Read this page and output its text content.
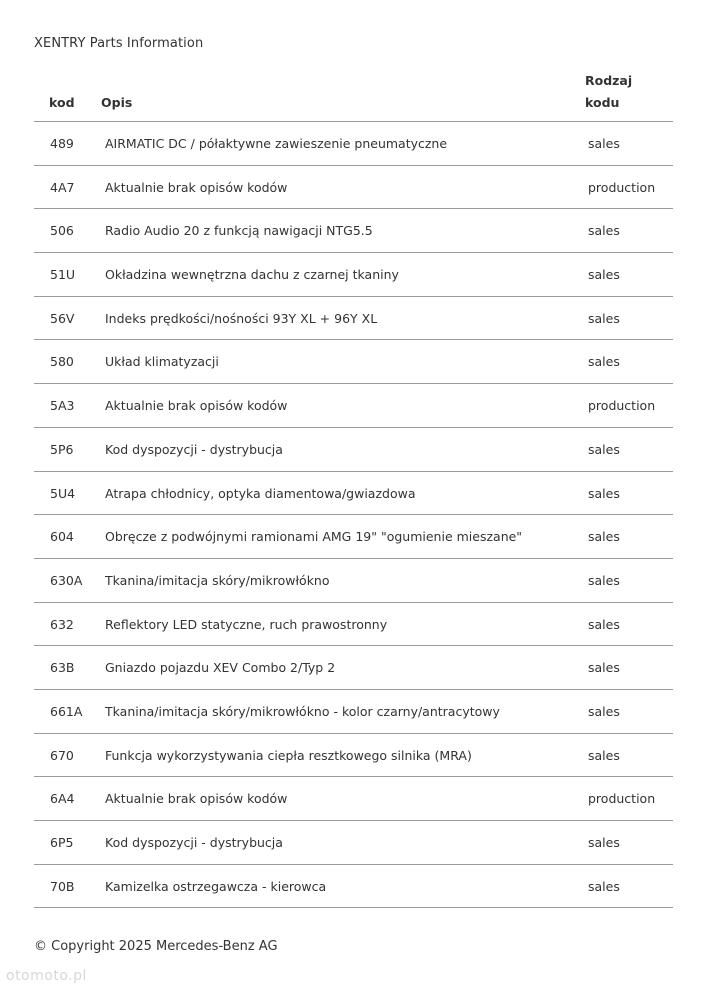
XENTRY Parts Information
kod Opis
Rodzaj
kodu
489 AIRMATIC DC / półaktywne zawieszenie pneumatyczne	sales
4A7 Aktualnie brak opisów kodów	production
506 Radio Audio 20 z funkcją nawigacji NTG5.5	sales
51U Okładzina wewnętrzna dachu z czarnej tkaniny	sales
56V Indeks prędkości/nośności 93Y XL + 96Y XL	sales
580 Układ klimatyzacji	sales
5A3 Aktualnie brak opisów kodów	production
5P6	Kod dyspozycji - dystrybucja	sales
5U4 Atrapa chłodnicy, optyka diamentowa/gwiazdowa	sales
604 Obręcze z podwójnymi ramionami AMG 19" "ogumienie mieszane"	sales
630A Tkanina/imitacja skóry/mikrowłókno	sales
632 Reflektory LED statyczne, ruch prawostronny	sales
63B Gniazdo pojazdu XEV Combo 2/Typ 2	sales
661A Tkanina/imitacja skóry/mikrowłókno - kolor czarny/antracytowy	sales
670 Funkcja wykorzystywania ciepła resztkowego silnika (MRA)	sales
6A4 Aktualnie brak opisów kodów	production
6P5	Kod dyspozycji - dystrybucja	sales
70B Kamizelka ostrzegawcza - kierowca	sales
© Copyright 2025 Mercedes-Benz AG
otomoto.pl
